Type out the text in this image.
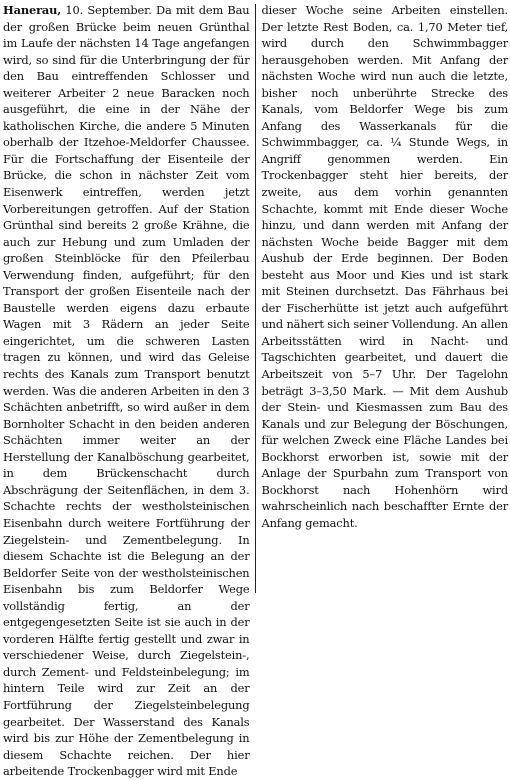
Hanerau, 10. September. Da mit dem Bau der großen Brücke beim neuen Grünthal im Laufe der nächsten 14 Tage angefangen wird, so sind für die Unterbringung der für den Bau eintreffenden Schlosser und weiterer Arbeiter 2 neue Baracken noch ausgeführt, die eine in der Nähe der katholischen Kirche, die andere 5 Minuten oberhalb der Itzehoe-Meldorfer Chaussee. Für die Fortschaffung der Eisenteile der Brücke, die schon in nächster Zeit vom Eisenwerk eintreffen, werden jetzt Vorbereitungen getroffen. Auf der Station Grünthal sind bereits 2 große Krähne, die auch zur Hebung und zum Umladen der großen Steinblöcke für den Pfeilerbau Verwendung finden, aufgeführt; für den Transport der großen Eisenteile nach der Baustelle werden eigens dazu erbaute Wagen mit 3 Rädern an jeder Seite eingerichtet, um die schweren Lasten tragen zu können, und wird das Geleise rechts des Kanals zum Transport benutzt werden. Was die anderen Arbeiten in den 3 Schächten anbetrifft, so wird außer in dem Bornholter Schacht in den beiden anderen Schächten immer weiter an der Herstellung der Kanalböschung gearbeitet, in dem Brückenschacht durch Abschrägung der Seitenflächen, in dem 3. Schachte rechts der westholsteinischen Eisenbahn durch weitere Fortführung der Ziegelstein- und Zementbelegung. In diesem Schachte ist die Belegung an der Beldorfer Seite von der westholsteinischen Eisenbahn bis zum Beldorfer Wege vollständig fertig, an der entgegengesetzten Seite ist sie auch in der vorderen Hälfte fertig gestellt und zwar in verschiedener Weise, durch Ziegelstein-, durch Zement- und Feldsteinbelegung; im hintern Teile wird zur Zeit an der Fortführung der Ziegelsteinbelegung gearbeitet. Der Wasserstand des Kanals wird bis zur Höhe der Zementbelegung in diesem Schachte reichen. Der hier arbeitende Trockenbagger wird mit Ende

dieser Woche seine Arbeiten einstellen. Der letzte Rest Boden, ca. 1,70 Meter tief, wird durch den Schwimmbagger herausgehoben werden. Mit Anfang der nächsten Woche wird nun auch die letzte, bisher noch unberührte Strecke des Kanals, vom Beldorfer Wege bis zum Anfang des Wasserkanals für die Schwimmbagger, ca. ¼ Stunde Wegs, in Angriff genommen werden. Ein Trockenbagger steht hier bereits, der zweite, aus dem vorhin genannten Schachte, kommt mit Ende dieser Woche hinzu, und dann werden mit Anfang der nächsten Woche beide Bagger mit dem Aushub der Erde beginnen. Der Boden besteht aus Moor und Kies und ist stark mit Steinen durchsetzt. Das Fährhaus bei der Fischerhütte ist jetzt auch aufgeführt und nähert sich seiner Vollendung. An allen Arbeitsstätten wird in Nacht- und Tagschichten gearbeitet, und dauert die Arbeitszeit von 5–7 Uhr. Der Tagelohn beträgt 3–3,50 Mark. — Mit dem Aushub der Stein- und Kiesmassen zum Bau des Kanals und zur Belegung der Böschungen, für welchen Zweck eine Fläche Landes bei Bockhorst erworben ist, sowie mit der Anlage der Spurbahn zum Transport von Bockhorst nach Hohenhörn wird wahrscheinlich nach beschaffter Ernte der Anfang gemacht.
